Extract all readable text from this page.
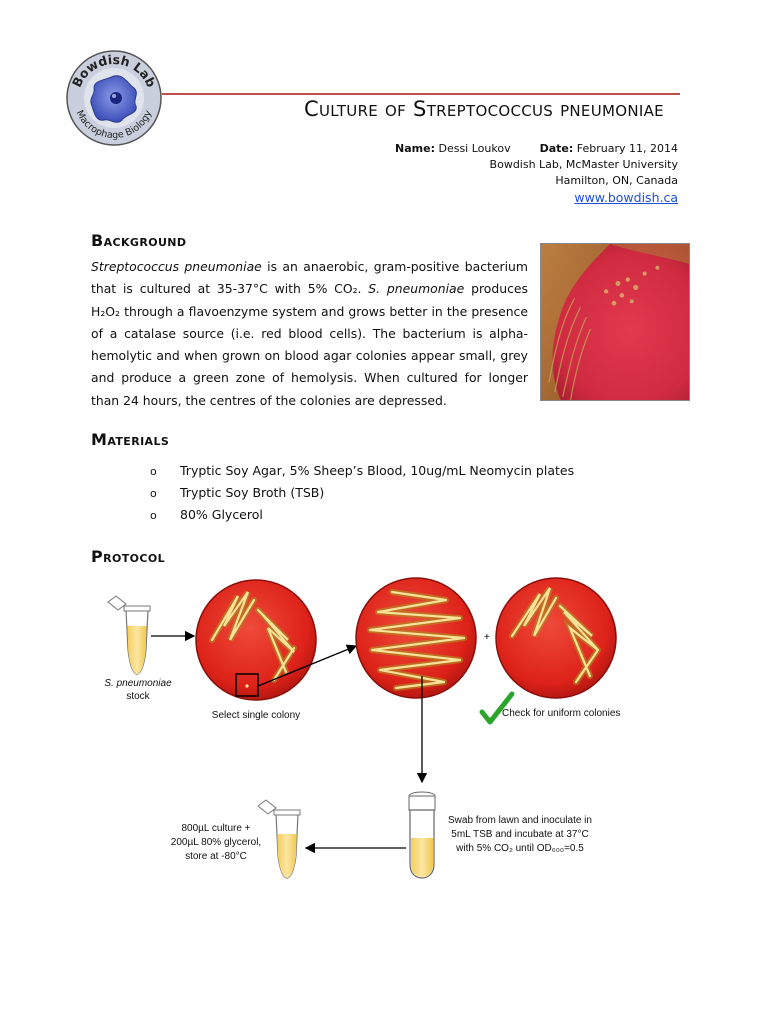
Bowdish Lab
Macrophage Biology	Culture of Streptococcus pneumoniae
Name: Dessi Loukov	Date: February 11, 2014
Bowdish Lab, McMaster University
Hamilton, ON, Canada
www.bowdish.ca
Background
Streptococcus pneumoniae is an anaerobic, gram-positive bacterium that is cultured at 35-37°C with 5% CO₂. S. pneumoniae produces H₂O₂ through a flavoenzyme system and grows better in the presence of a catalase source (i.e. red blood cells). The bacterium is alpha-hemolytic and when grown on blood agar colonies appear small, grey and produce a green zone of hemolysis. When cultured for longer than 24 hours, the centres of the colonies are depressed.
Materials
o Tryptic Soy Agar, 5% Sheep’s Blood, 10ug/mL Neomycin plates
o Tryptic Soy Broth (TSB)
o 80% Glycerol
Protocol
+
S. pneumoniae
stock
Select single colony	Check for uniform colonies
Swab from lawn and inoculate in
5mL TSB and incubate at 37°C
with 5% CO₂ until OD₆₀₀=0.5
800µL culture +
200µL 80% glycerol,
store at -80°C
